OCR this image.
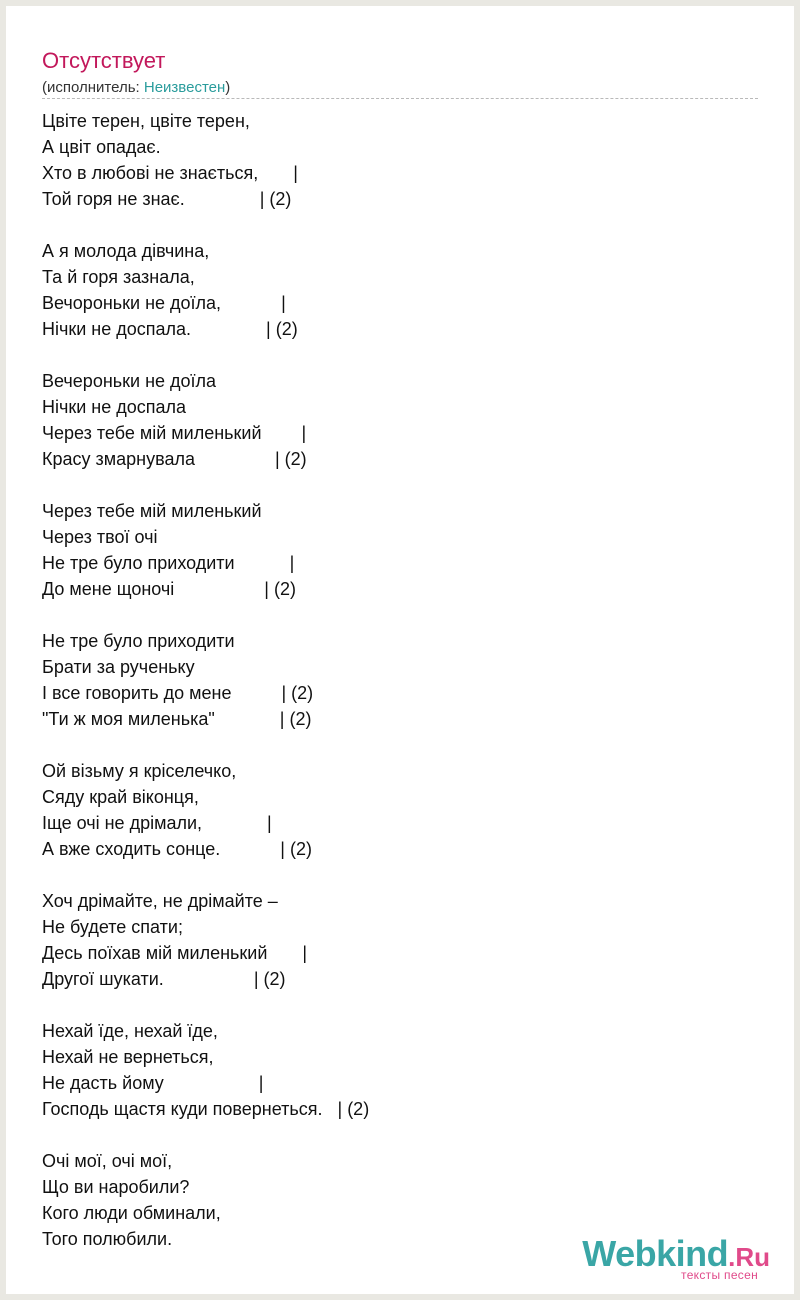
Отсутствует
(исполнитель: Неизвестен)
Цвіте терен, цвіте терен,
А цвіт опадає.
Хто в любові не знається,       |
Той горя не знає.               | (2)
А я молода дівчина,
Та й горя зазнала,
Вечороньки не доїла,            |
Нічки не доспала.               | (2)
Вечероньки не доїла
Нічки не доспала
Через тебе мій миленький        |
Красу змарнувала                | (2)
Через тебе мій миленький
Через твої очі
Не тре було приходити           |
До мене щоночі                  | (2)
Не тре було приходити
Брати за рученьку
І все говорить до мене          | (2)
"Ти ж моя миленька"             | (2)
Ой візьму я кріселечко,
Сяду край віконця,
Іще очі не дрімали,             |
А вже сходить сонце.            | (2)
Хоч дрімайте, не дрімайте –
Не будете спати;
Десь поїхав мій миленький       |
Другої шукати.                  | (2)
Нехай їде, нехай їде,
Нехай не вернеться,
Не дасть йому                   |
Господь щастя куди повернеться.   | (2)
Очі мої, очі мої,
Що ви наробили?
Кого люди обминали,
Того полюбили.	Webkind.Ru
тексты песен
